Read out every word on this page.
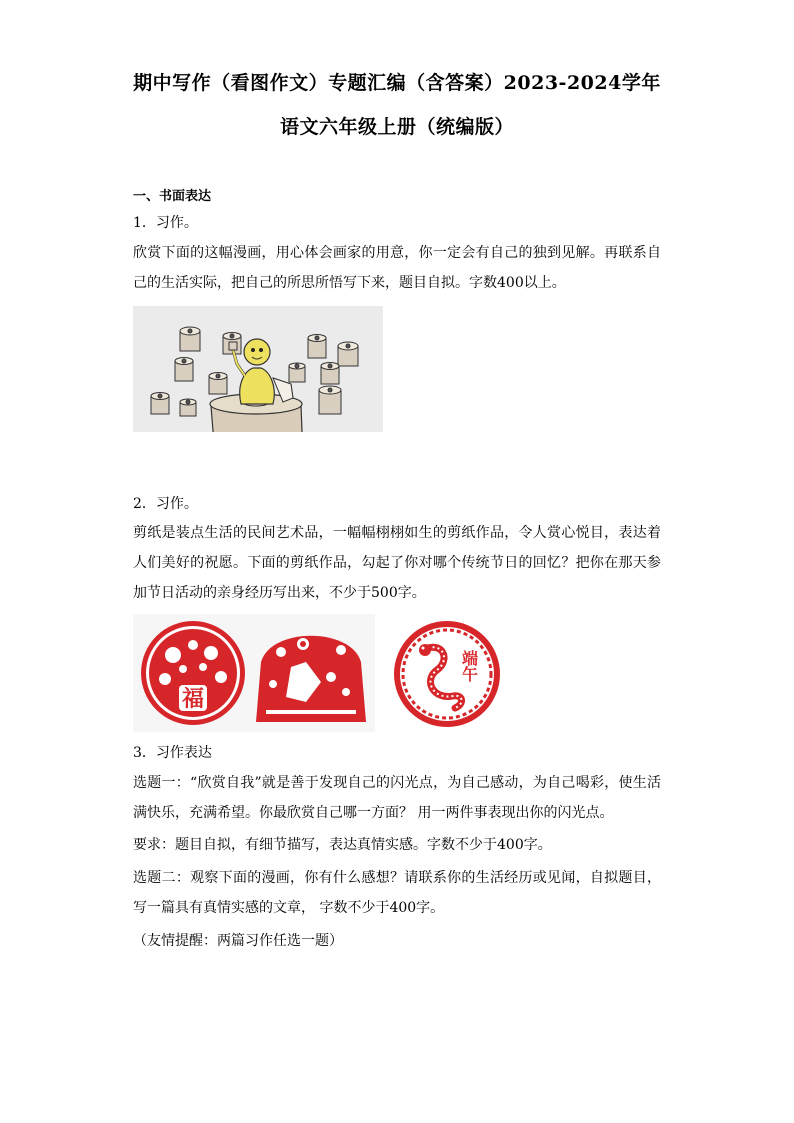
期中写作（看图作文）专题汇编（含答案）2023-2024学年
语文六年级上册（统编版）
一、书面表达
1．习作。
欣赏下面的这幅漫画，用心体会画家的用意，你一定会有自己的独到见解。再联系自己的生活实际，把自己的所思所悟写下来，题目自拟。字数400以上。
2．习作。
剪纸是装点生活的民间艺术品，一幅幅栩栩如生的剪纸作品，令人赏心悦目，表达着人们美好的祝愿。下面的剪纸作品，勾起了你对哪个传统节日的回忆？把你在那天参加节日活动的亲身经历写出来，不少于500字。
福
端午
3．习作表达
选题一：“欣赏自我”就是善于发现自己的闪光点，为自己感动，为自己喝彩，使生活满快乐，充满希望。你最欣赏自己哪一方面？ 用一两件事表现出你的闪光点。
要求：题目自拟，有细节描写，表达真情实感。字数不少于400字。
选题二：观察下面的漫画，你有什么感想？请联系你的生活经历或见闻，自拟题目，写一篇具有真情实感的文章， 字数不少于400字。
（友情提醒：两篇习作任选一题）
